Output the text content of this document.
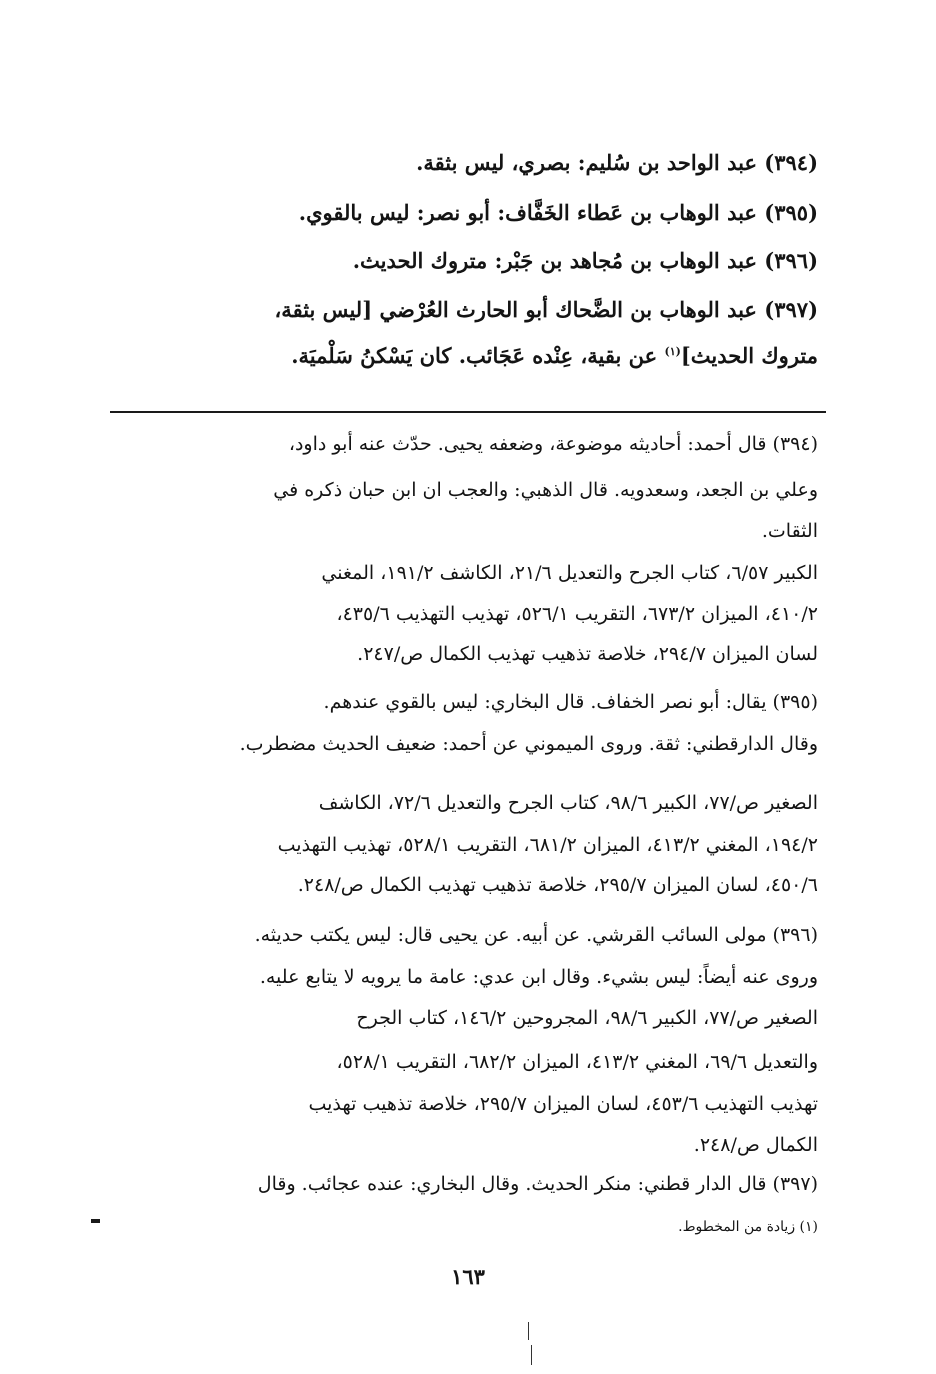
(٣٩٤) عبد الواحد بن سُليم: بصري، ليس بثقة.
(٣٩٥) عبد الوهاب بن عَطاء الخَفَّاف: أبو نصر: ليس بالقوي.
(٣٩٦) عبد الوهاب بن مُجاهد بن جَبْر: متروك الحديث.
(٣٩٧) عبد الوهاب بن الضَّحاك أبو الحارث العُرْضي [ليس بثقة،
متروك الحديث]$^{(١)}$ عن بقية، عِنْده عَجَائب. كان يَسْكنُ سَلْميَة.
(٣٩٤) قال أحمد: أحاديثه موضوعة، وضعفه يحيى. حدّث عنه أبو داود،
وعلي بن الجعد، وسعدويه. قال الذهبي: والعجب ان ابن حبان ذكره في
الثقات.
الكبير ٦/٥٧، كتاب الجرح والتعديل ٢١/٦، الكاشف ١٩١/٢، المغني
٤١٠/٢، الميزان ٦٧٣/٢، التقريب ٥٢٦/١، تهذيب التهذيب ٤٣٥/٦،
لسان الميزان ٢٩٤/٧، خلاصة تذهيب تهذيب الكمال ص/٢٤٧.
(٣٩٥) يقال: أبو نصر الخفاف. قال البخاري: ليس بالقوي عندهم.
وقال الدارقطني: ثقة. وروى الميموني عن أحمد: ضعيف الحديث مضطرب.
الصغير ص/٧٧، الكبير ٩٨/٦، كتاب الجرح والتعديل ٧٢/٦، الكاشف
١٩٤/٢، المغني ٤١٣/٢، الميزان ٦٨١/٢، التقريب ٥٢٨/١، تهذيب التهذيب
٤٥٠/٦، لسان الميزان ٢٩٥/٧، خلاصة تذهيب تهذيب الكمال ص/٢٤٨.
(٣٩٦) مولى السائب القرشي. عن أبيه. عن يحيى قال: ليس يكتب حديثه.
وروى عنه أيضاً: ليس بشيء. وقال ابن عدي: عامة ما يرويه لا يتابع عليه.
الصغير ص/٧٧، الكبير ٩٨/٦، المجروحين ١٤٦/٢، كتاب الجرح
والتعديل ٦٩/٦، المغني ٤١٣/٢، الميزان ٦٨٢/٢، التقريب ٥٢٨/١،
تهذيب التهذيب ٤٥٣/٦، لسان الميزان ٢٩٥/٧، خلاصة تذهيب تهذيب
الكمال ص/٢٤٨.
(٣٩٧) قال الدار قطني: منكر الحديث. وقال البخاري: عنده عجائب. وقال
(١) زيادة من المخطوط.
١٦٣
